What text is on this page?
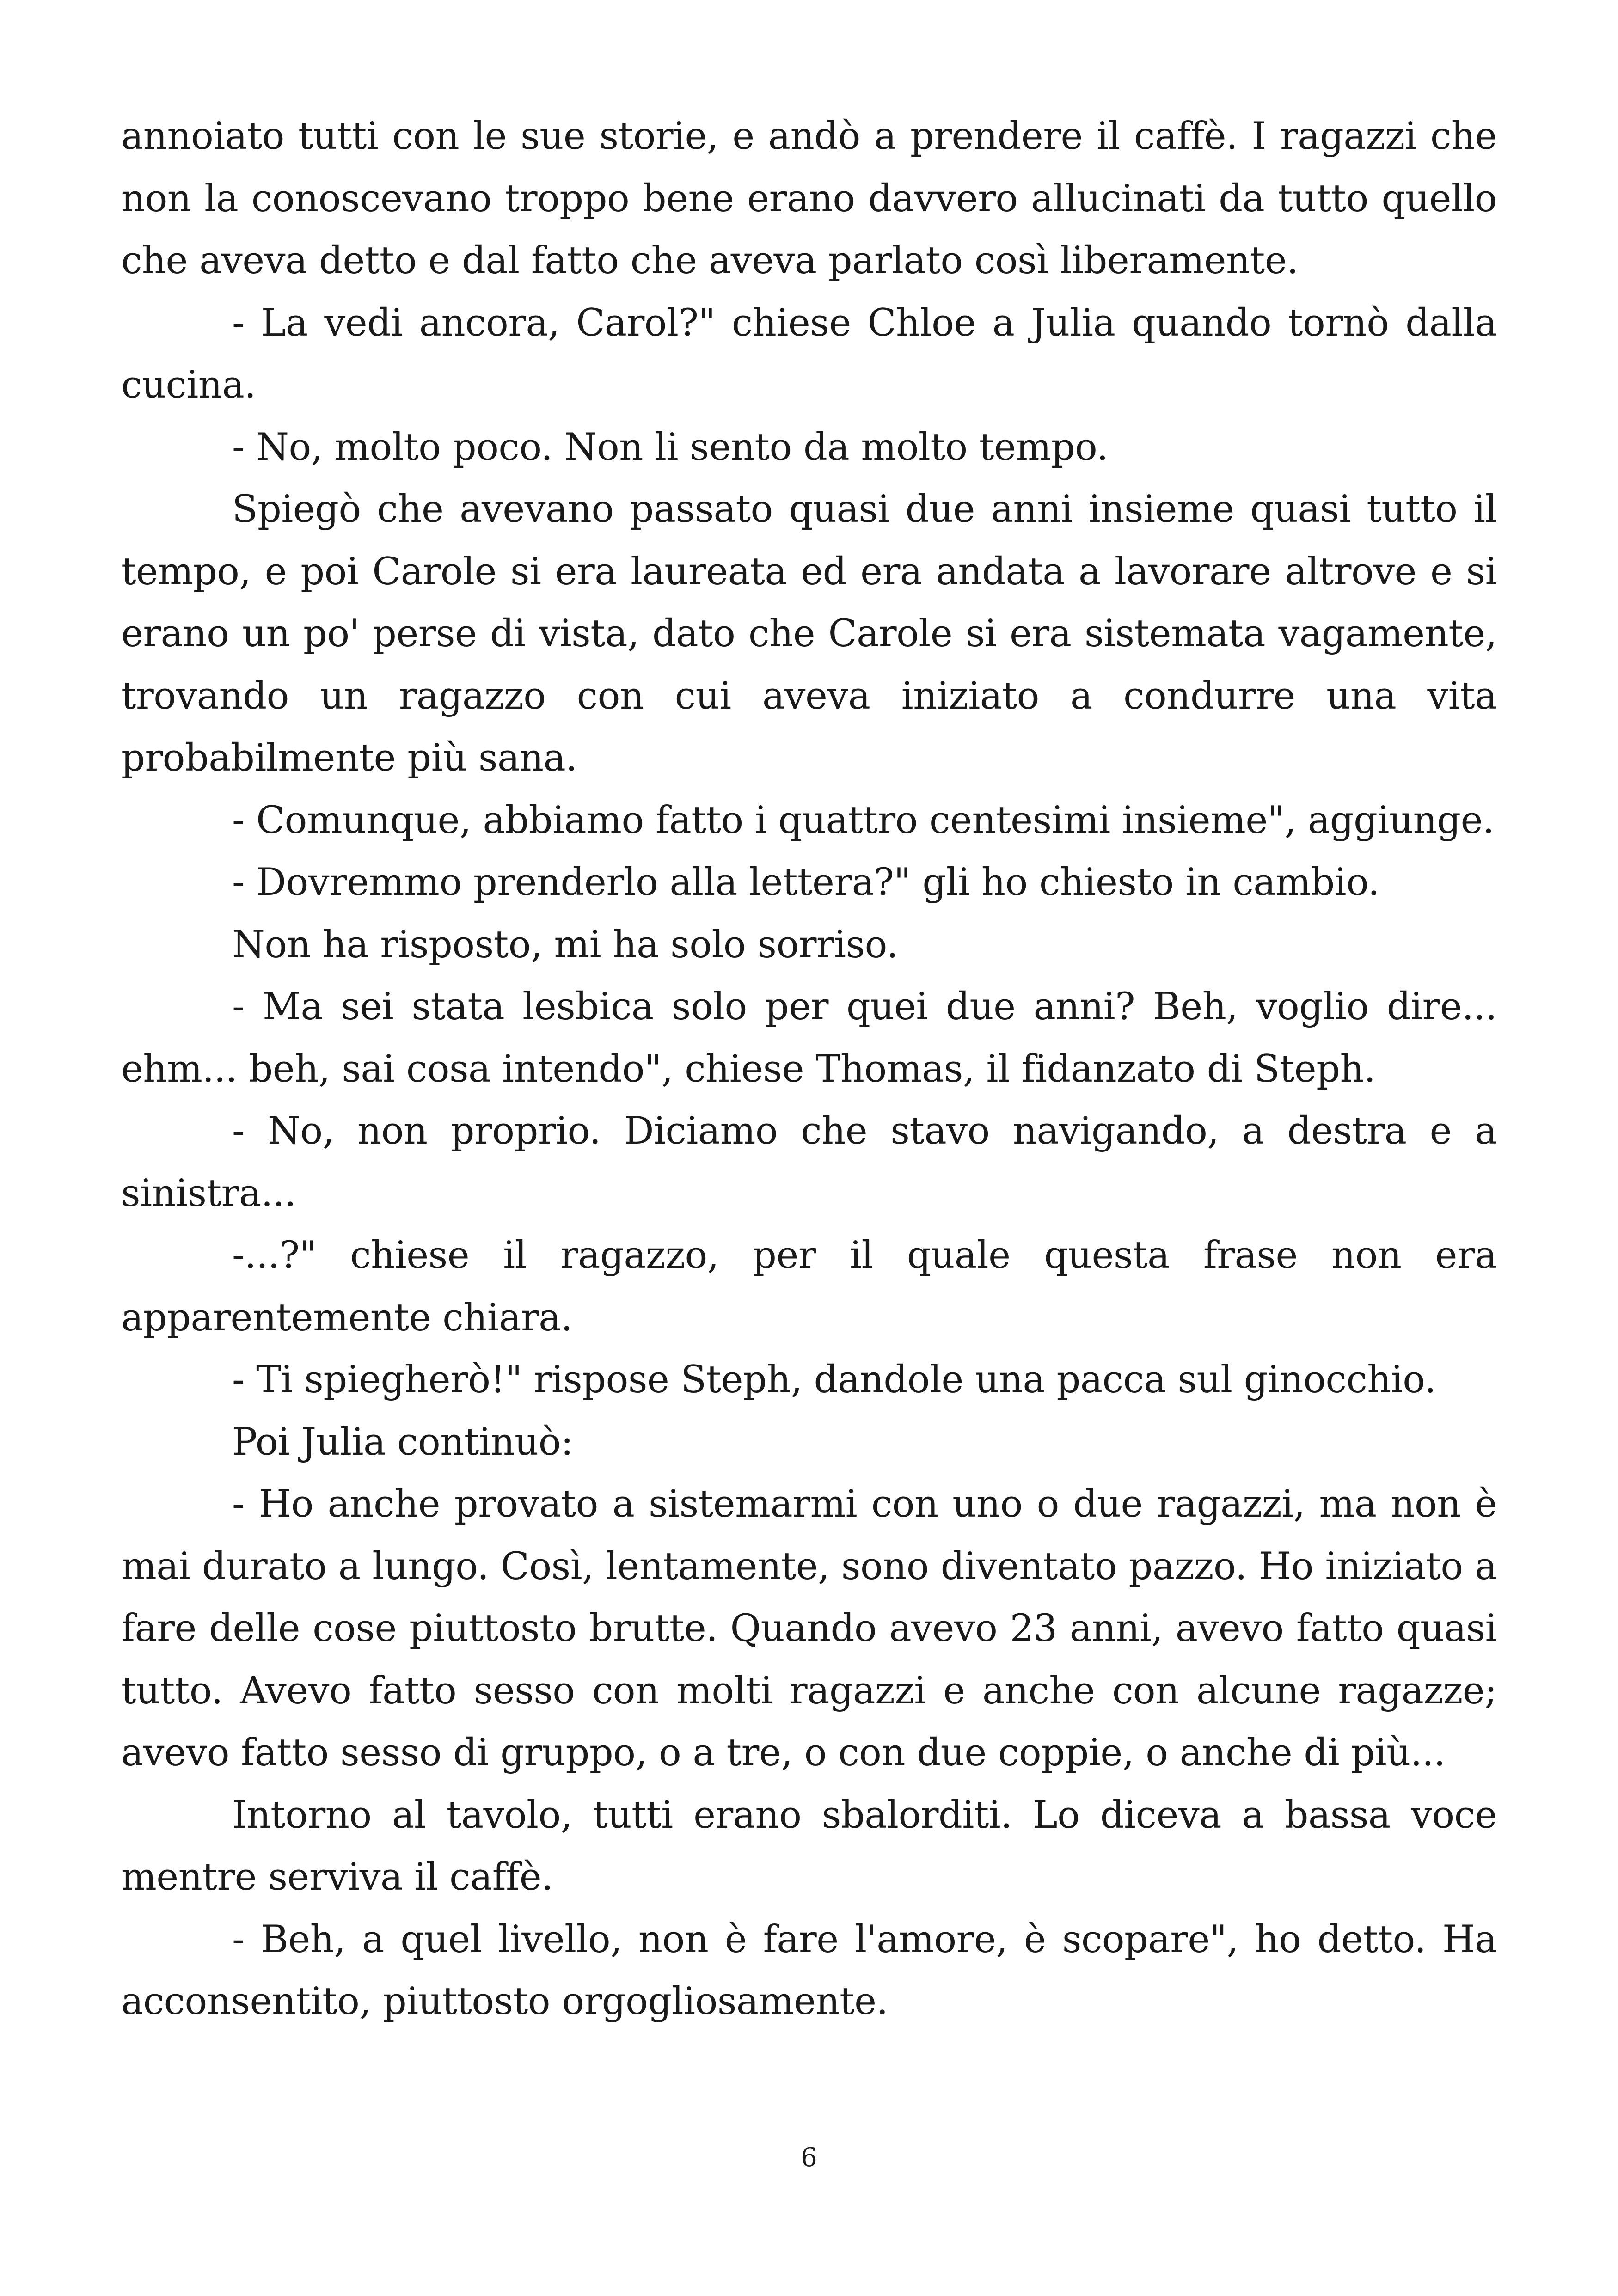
annoiato tutti con le sue storie, e andò a prendere il caffè. I ragazzi che non la conoscevano troppo bene erano davvero allucinati da tutto quello che aveva detto e dal fatto che aveva parlato così liberamente.

- La vedi ancora, Carol?" chiese Chloe a Julia quando tornò dalla cucina.

- No, molto poco. Non li sento da molto tempo.

Spiegò che avevano passato quasi due anni insieme quasi tutto il tempo, e poi Carole si era laureata ed era andata a lavorare altrove e si erano un po' perse di vista, dato che Carole si era sistemata vagamente, trovando un ragazzo con cui aveva iniziato a condurre una vita probabilmente più sana.

- Comunque, abbiamo fatto i quattro centesimi insieme", aggiunge.

- Dovremmo prenderlo alla lettera?" gli ho chiesto in cambio.

Non ha risposto, mi ha solo sorriso.

- Ma sei stata lesbica solo per quei due anni? Beh, voglio dire... ehm... beh, sai cosa intendo", chiese Thomas, il fidanzato di Steph.

- No, non proprio. Diciamo che stavo navigando, a destra e a sinistra...

-...?" chiese il ragazzo, per il quale questa frase non era apparentemente chiara.

- Ti spiegherò!" rispose Steph, dandole una pacca sul ginocchio.

Poi Julia continuò:

- Ho anche provato a sistemarmi con uno o due ragazzi, ma non è mai durato a lungo. Così, lentamente, sono diventato pazzo. Ho iniziato a fare delle cose piuttosto brutte. Quando avevo 23 anni, avevo fatto quasi tutto. Avevo fatto sesso con molti ragazzi e anche con alcune ragazze; avevo fatto sesso di gruppo, o a tre, o con due coppie, o anche di più...

Intorno al tavolo, tutti erano sbalorditi. Lo diceva a bassa voce mentre serviva il caffè.

- Beh, a quel livello, non è fare l'amore, è scopare", ho detto. Ha acconsentito, piuttosto orgogliosamente.

6
